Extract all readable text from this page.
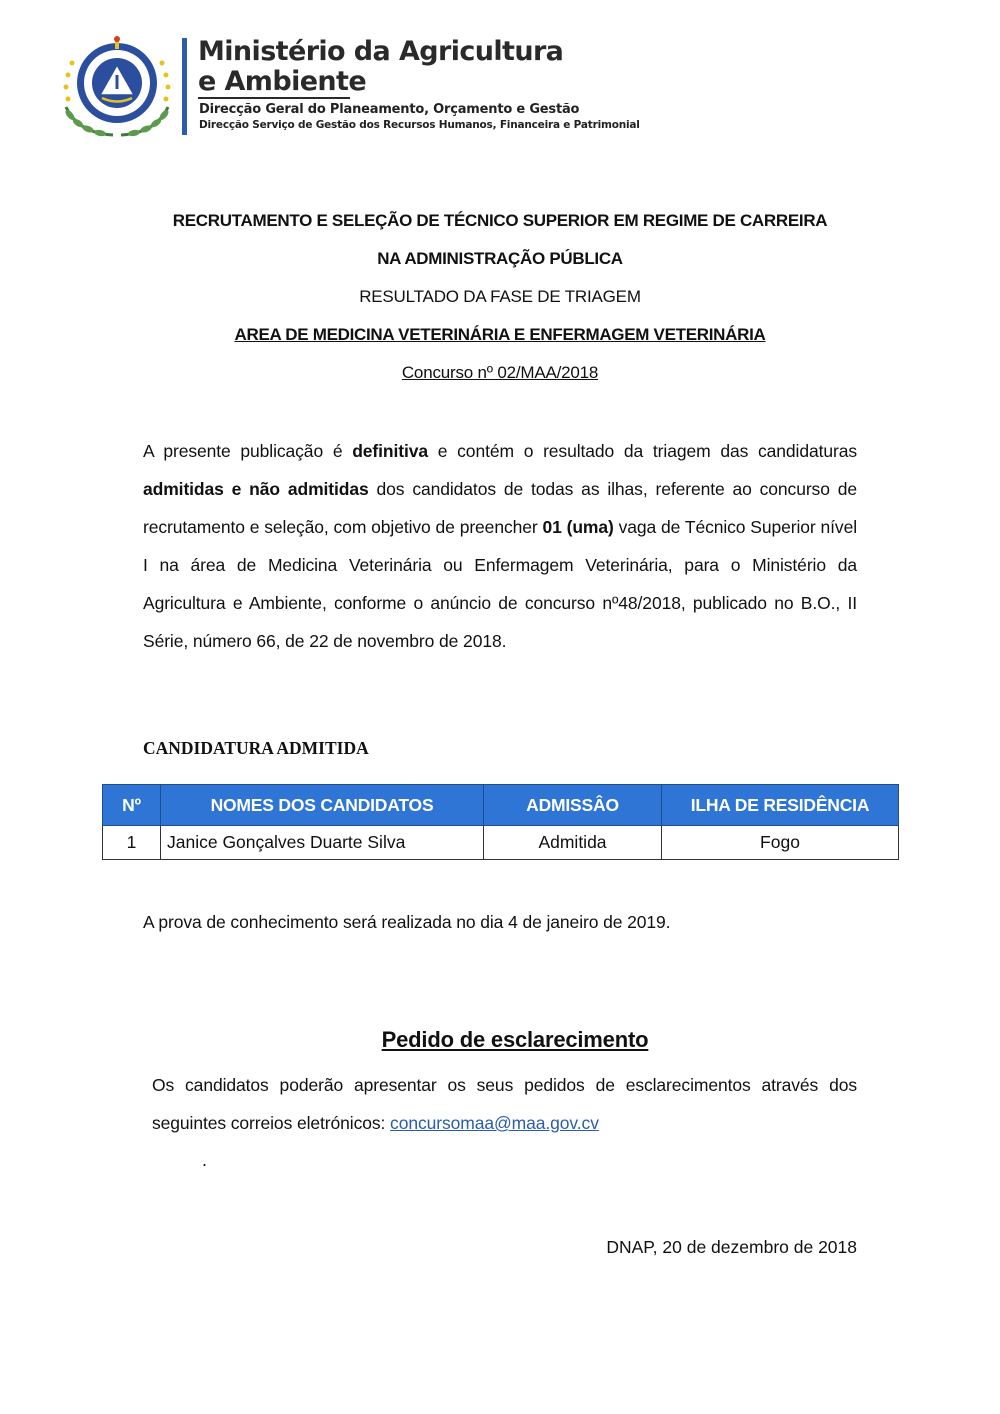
Ministério da Agricultura
e Ambiente
Direcção Geral do Planeamento, Orçamento e Gestão
Direcção Serviço de Gestão dos Recursos Humanos, Financeira e Patrimonial
RECRUTAMENTO E SELEÇÃO DE TÉCNICO SUPERIOR EM REGIME DE CARREIRA
NA ADMINISTRAÇÃO PÚBLICA
RESULTADO DA FASE DE TRIAGEM
AREA DE MEDICINA VETERINÁRIA E ENFERMAGEM VETERINÁRIA
Concurso nº 02/MAA/2018
A presente publicação é definitiva e contém o resultado da triagem das candidaturas admitidas e não admitidas dos candidatos de todas as ilhas, referente ao concurso de recrutamento e seleção, com objetivo de preencher 01 (uma) vaga de Técnico Superior nível I na área de Medicina Veterinária ou Enfermagem Veterinária, para o Ministério da Agricultura e Ambiente, conforme o anúncio de concurso nº48/2018, publicado no B.O., II Série, número 66, de 22 de novembro de 2018.
CANDIDATURA ADMITIDA
Nº	NOMES DOS CANDIDATOS	ADMISSÂO	ILHA DE RESIDÊNCIA
1	Janice Gonçalves Duarte Silva	Admitida	Fogo
A prova de conhecimento será realizada no dia 4 de janeiro de 2019.
Pedido de esclarecimento
Os candidatos poderão apresentar os seus pedidos de esclarecimentos através dos seguintes correios eletrónicos: concursomaa@maa.gov.cv
.
DNAP, 20 de dezembro de 2018
